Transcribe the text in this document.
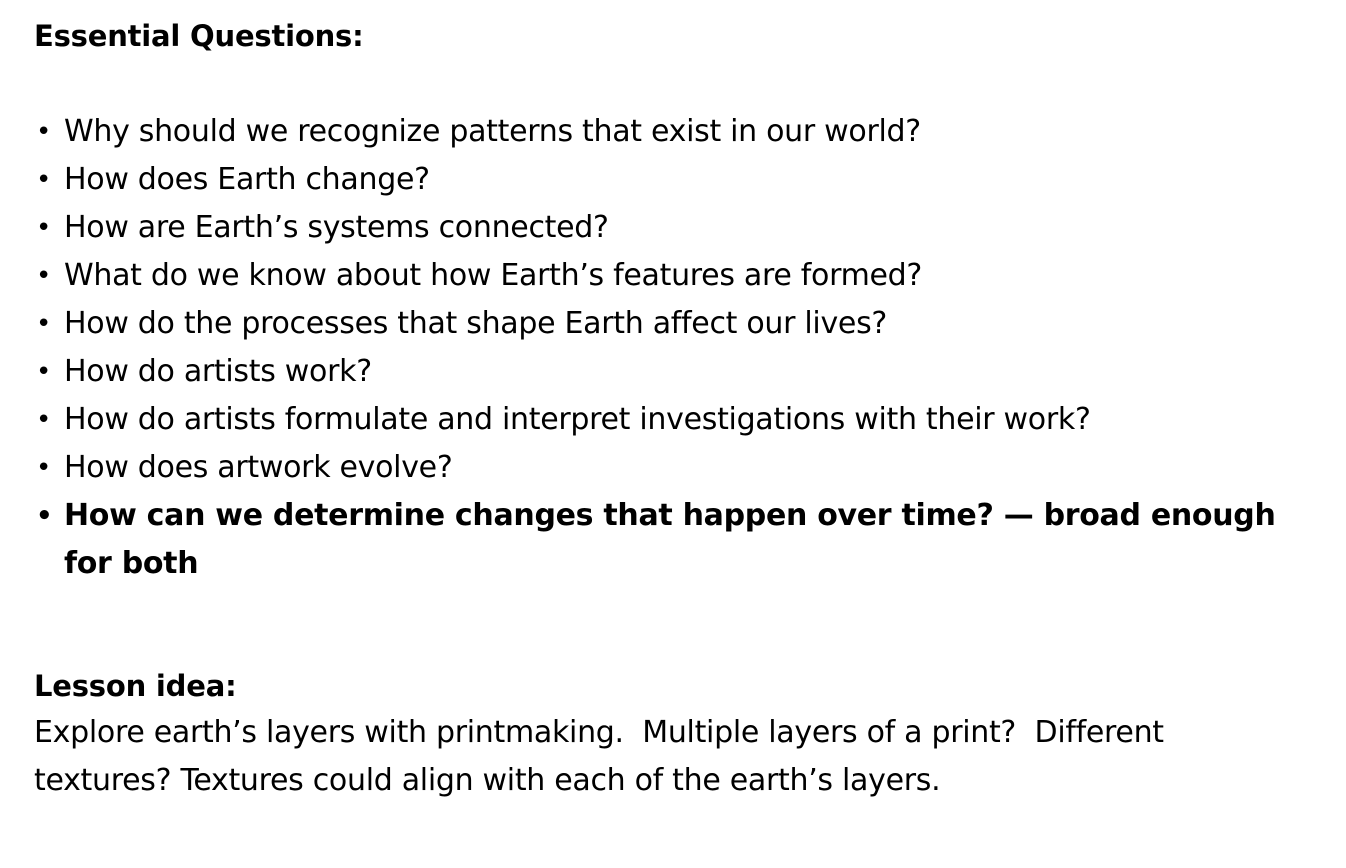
Essential Questions:
• Why should we recognize patterns that exist in our world?
• How does Earth change?
• How are Earth’s systems connected?
• What do we know about how Earth’s features are formed?
• How do the processes that shape Earth affect our lives?
• How do artists work?
• How do artists formulate and interpret investigations with their work?
• How does artwork evolve?
• How can we determine changes that happen over time? — broad enough for both
Lesson idea:

Explore earth’s layers with printmaking.  Multiple layers of a print?  Different textures? Textures could align with each of the earth’s layers.
